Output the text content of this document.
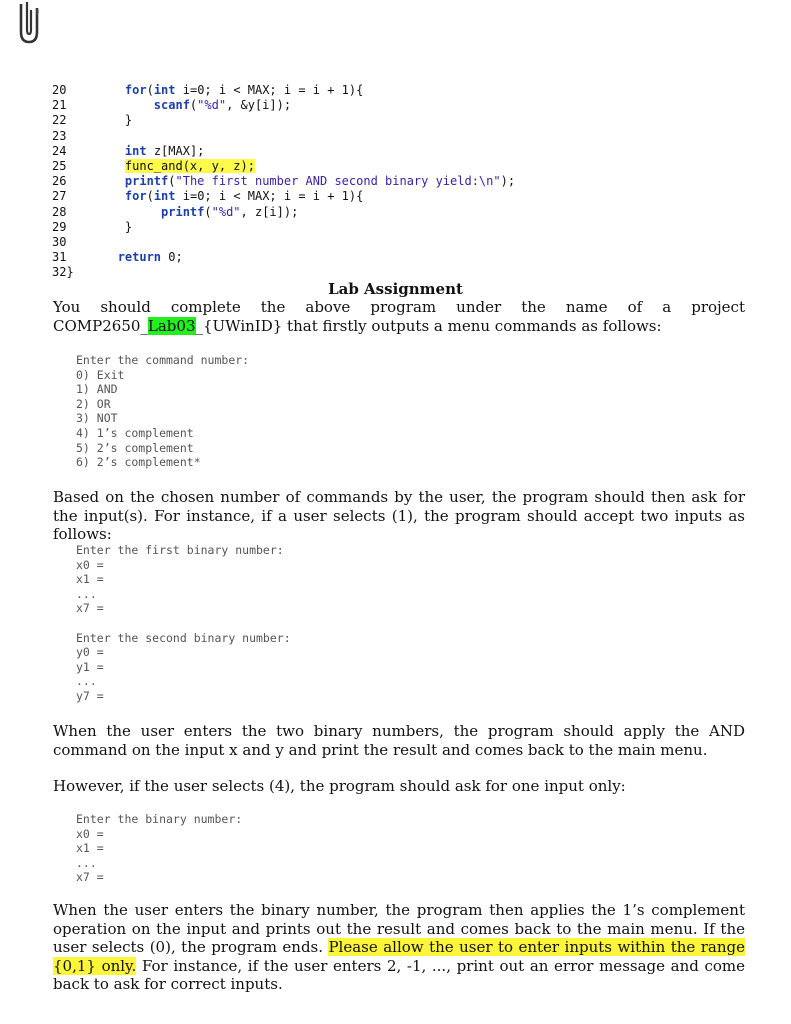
3
20	for(int i=0; i < MAX; i = i + 1){
21	scanf("%d", &y[i]);
22	}
23
24	int z[MAX];
25	func_and(x, y, z);
26	printf("The first number AND second binary yield:\n");
27	for(int i=0; i < MAX; i = i + 1){
28	printf("%d", z[i]);
29	}
30
31	return 0;
32}
Lab Assignment
You should complete the above program under the name of a project COMP2650_Lab03_{UWinID} that firstly outputs a menu commands as follows:
Enter the command number:
0) Exit
1) AND
2) OR
3) NOT
4) 1’s complement
5) 2’s complement
6) 2’s complement*
Based on the chosen number of commands by the user, the program should then ask for the input(s). For instance, if a user selects (1), the program should accept two inputs as follows:
Enter the first binary number:
x0 =
x1 =
...
x7 =
Enter the second binary number:
y0 =
y1 =
...
y7 =
When the user enters the two binary numbers, the program should apply the AND command on the input x and y and print the result and comes back to the main menu.
However, if the user selects (4), the program should ask for one input only:
Enter the binary number:
x0 =
x1 =
...
x7 =
When the user enters the binary number, the program then applies the 1’s complement operation on the input and prints out the result and comes back to the main menu. If the user selects (0), the program ends. Please allow the user to enter inputs within the range {0,1} only. For instance, if the user enters 2, -1, ..., print out an error message and come back to ask for correct inputs.
